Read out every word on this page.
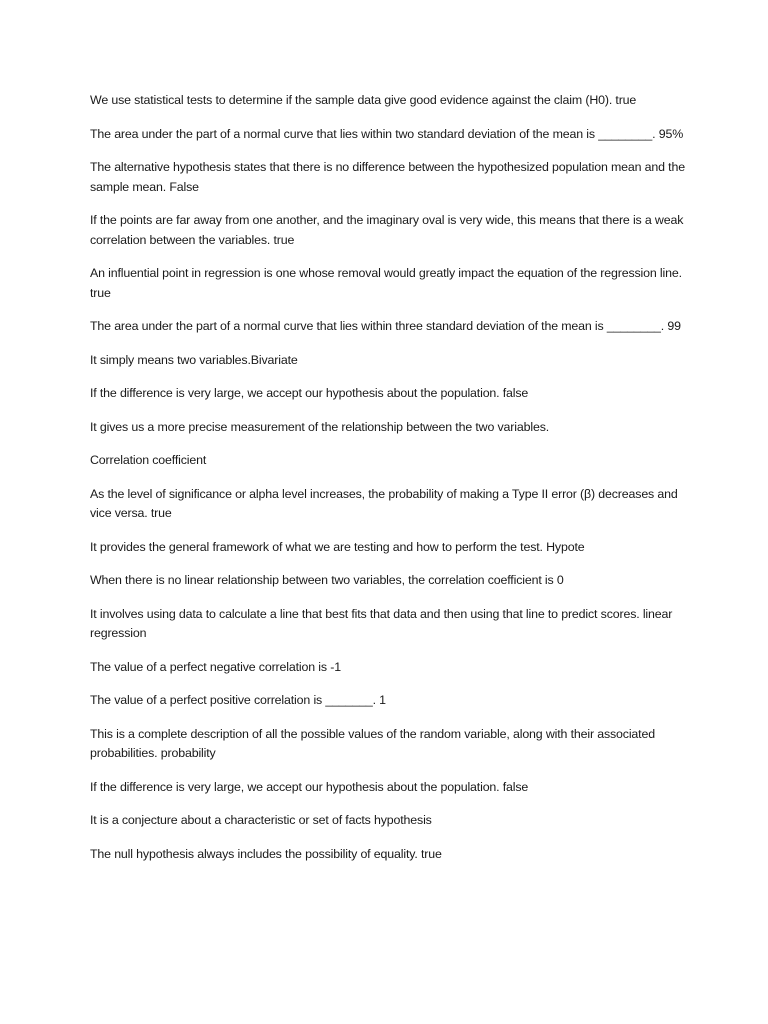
We use statistical tests to determine if the sample data give good evidence against the claim (H0). true

The area under the part of a normal curve that lies within two standard deviation of the mean is ________. 95%

The alternative hypothesis states that there is no difference between the hypothesized population mean and the sample mean. False

If the points are far away from one another, and the imaginary oval is very wide, this means that there is a weak correlation between the variables. true

An influential point in regression is one whose removal would greatly impact the equation of the regression line. true

The area under the part of a normal curve that lies within three standard deviation of the mean is ________. 99

It simply means two variables.Bivariate

If the difference is very large, we accept our hypothesis about the population. false

It gives us a more precise measurement of the relationship between the two variables.

Correlation coefficient

As the level of significance or alpha level increases, the probability of making a Type II error (β) decreases and vice versa. true

It provides the general framework of what we are testing and how to perform the test. Hypote

When there is no linear relationship between two variables, the correlation coefficient is 0

It involves using data to calculate a line that best fits that data and then using that line to predict scores. linear regression

The value of a perfect negative correlation is -1

The value of a perfect positive correlation is _______. 1

This is a complete description of all the possible values of the random variable, along with their associated probabilities. probability

If the difference is very large, we accept our hypothesis about the population. false

It is a conjecture about a characteristic or set of facts hypothesis

The null hypothesis always includes the possibility of equality. true
